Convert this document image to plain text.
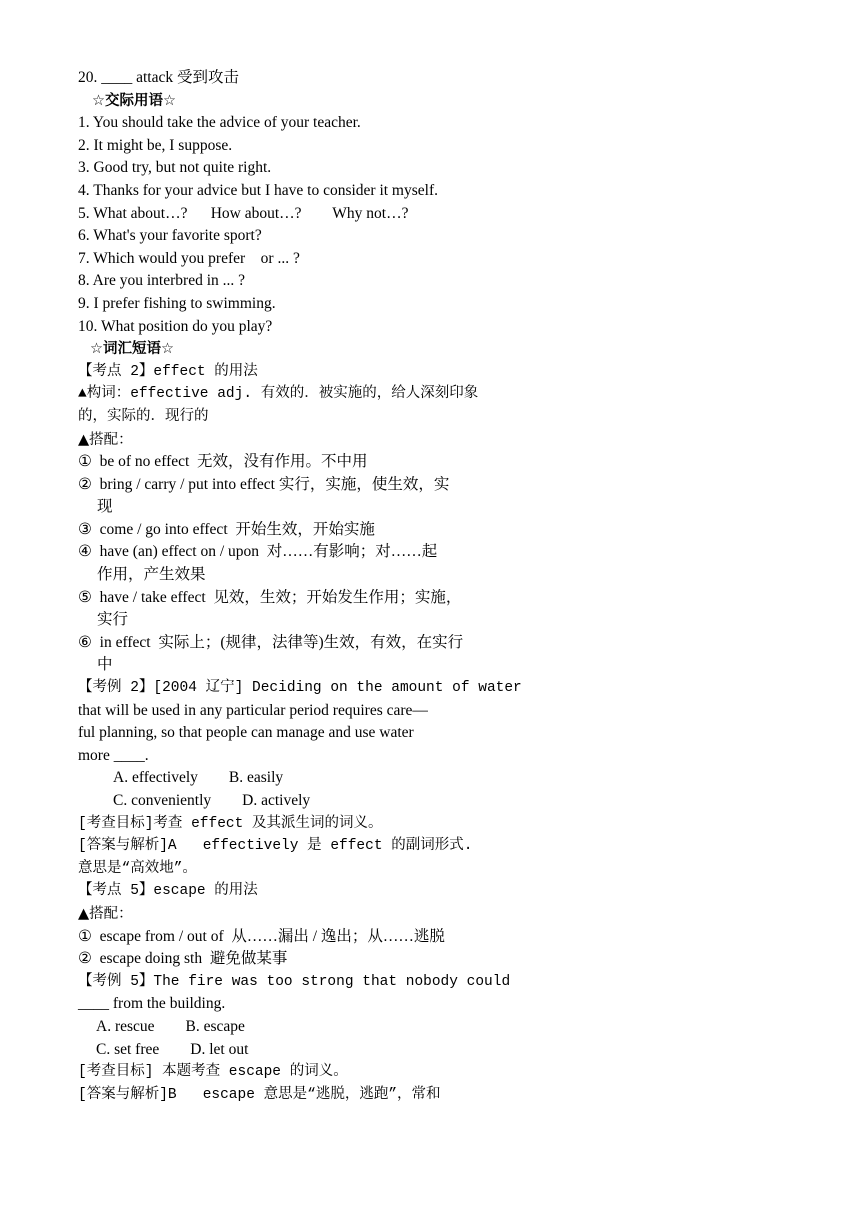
20. ____ attack 受到攻击
☆交际用语☆
1. You should take the advice of your teacher.
2. It might be, I suppose.
3. Good try, but not quite right.
4. Thanks for your advice but I have to consider it myself.
5. What about…?      How about…?        Why not…?
6. What's your favorite sport?
7. Which would you prefer    or ... ?
8. Are you interbred in ... ?
9. I prefer fishing to swimming.
10. What position do you play?
☆词汇短语☆
【考点 2】effect 的用法
▲构词：effective adj. 有效的．被实施的，给人深刻印象
的，实际的．现行的
▲搭配：
①  be of no effect  无效，没有作用。不中用
②  bring / carry / put into effect 实行，实施，使生效，实
现
③  come / go into effect  开始生效，开始实施
④  have (an) effect on / upon  对……有影响；对……起
作用，产生效果
⑤  have / take effect  见效，生效；开始发生作用；实施，
实行
⑥  in effect  实际上；(规律，法律等)生效，有效，在实行
中
【考例 2】[2004 辽宁] Deciding on the amount of water
that will be used in any particular period requires care—
ful planning, so that people can manage and use water
more ____.
A. effectively        B. easily
C. conveniently        D. actively
[考查目标]考查 effect 及其派生词的词义。
[答案与解析]A   effectively 是 effect 的副词形式.
意思是“高效地”。
【考点 5】escape 的用法
▲搭配：
①  escape from / out of  从……漏出 / 逸出；从……逃脱
②  escape doing sth  避免做某事
【考例 5】The fire was too strong that nobody could
____ from the building.
A. rescue        B. escape
C. set free        D. let out
[考查目标] 本题考查 escape 的词义。
[答案与解析]B   escape 意思是“逃脱，逃跑”，常和
